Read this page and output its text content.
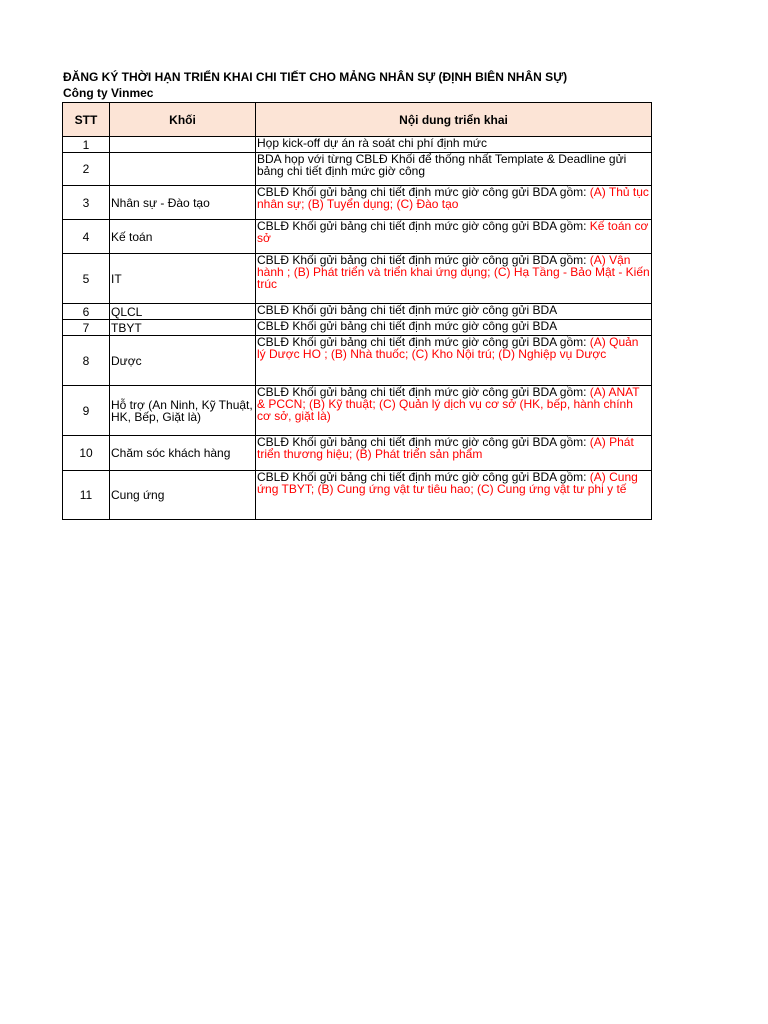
ĐĂNG KÝ THỜI HẠN TRIỂN KHAI CHI TIẾT CHO MẢNG NHÂN SỰ (ĐỊNH BIÊN NHÂN SỰ)
Công ty Vinmec
STT	Khối	Nội dung triển khai
1		Họp kick-off dự án rà soát chi phí định mức
2		BDA họp với từng CBLĐ Khối để thống nhất Template & Deadline gửi bảng chi tiết định mức giờ công
3	Nhân sự - Đào tạo	CBLĐ Khối gửi bảng chi tiết định mức giờ công gửi BDA gồm: (A) Thủ tục nhân sự; (B) Tuyển dụng; (C) Đào tạo
4	Kế toán	CBLĐ Khối gửi bảng chi tiết định mức giờ công gửi BDA gồm: Kế toán cơ sở
5	IT	CBLĐ Khối gửi bảng chi tiết định mức giờ công gửi BDA gồm: (A) Vận hành ; (B) Phát triển và triển khai ứng dụng; (C) Hạ Tầng - Bảo Mật - Kiến trúc
6	QLCL	CBLĐ Khối gửi bảng chi tiết định mức giờ công gửi BDA
7	TBYT	CBLĐ Khối gửi bảng chi tiết định mức giờ công gửi BDA
8	Dược	CBLĐ Khối gửi bảng chi tiết định mức giờ công gửi BDA gồm: (A) Quản lý Dược HO ; (B) Nhà thuốc; (C) Kho Nội trú; (D) Nghiệp vụ Dược
9	Hỗ trợ (An Ninh, Kỹ Thuật, HK, Bếp, Giặt là)	CBLĐ Khối gửi bảng chi tiết định mức giờ công gửi BDA gồm: (A) ANAT & PCCN; (B) Kỹ thuật; (C) Quản lý dịch vụ cơ sở (HK, bếp, hành chính cơ sở, giặt là)
10	Chăm sóc khách hàng	CBLĐ Khối gửi bảng chi tiết định mức giờ công gửi BDA gồm: (A) Phát triển thương hiệu; (B) Phát triển sản phẩm
11	Cung ứng	CBLĐ Khối gửi bảng chi tiết định mức giờ công gửi BDA gồm: (A) Cung ứng TBYT; (B) Cung ứng vật tư tiêu hao; (C) Cung ứng vật tư phi y tế
